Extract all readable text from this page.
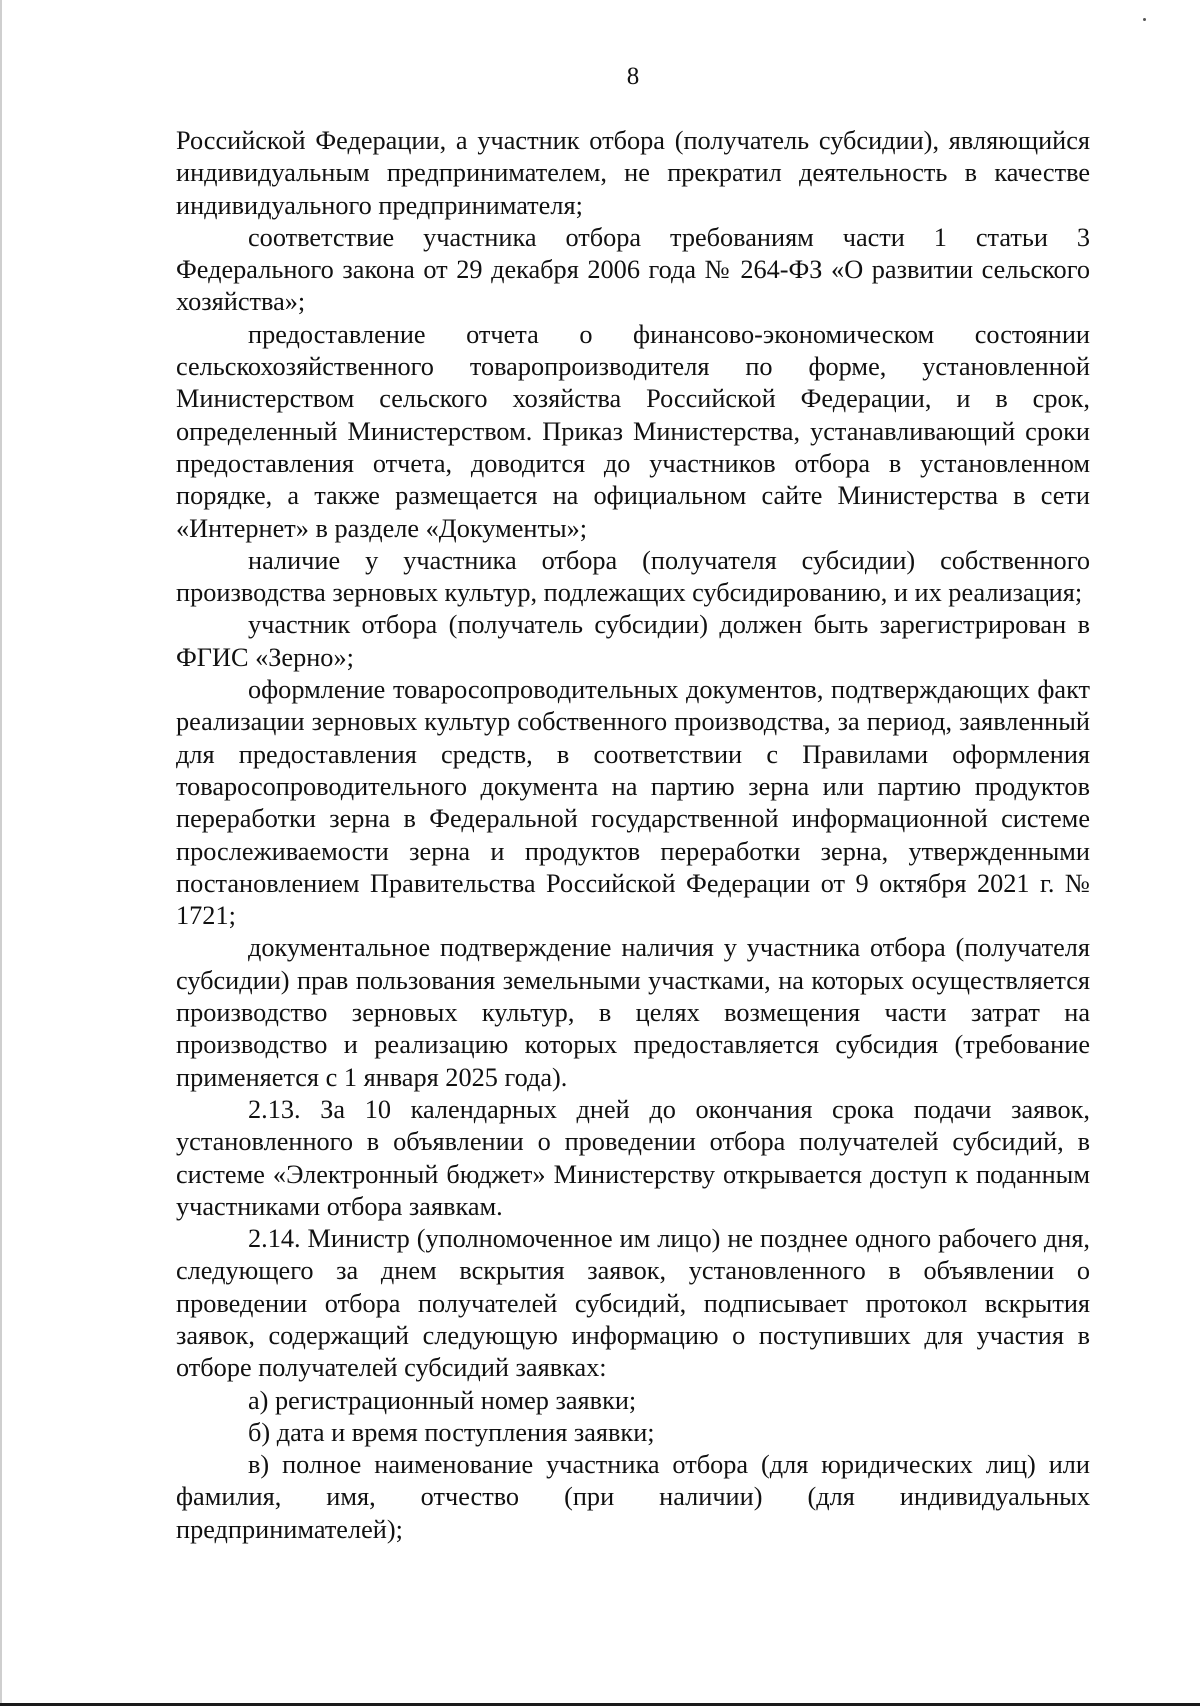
8

Российской Федерации, а участник отбора (получатель субсидии), являющийся индивидуальным предпринимателем, не прекратил деятельность в качестве индивидуального предпринимателя;

соответствие участника отбора требованиям части 1 статьи 3 Федерального закона от 29 декабря 2006 года № 264-ФЗ «О развитии сельского хозяйства»;

предоставление отчета о финансово-экономическом состоянии сельскохозяйственного товаропроизводителя по форме, установленной Министерством сельского хозяйства Российской Федерации, и в срок, определенный Министерством. Приказ Министерства, устанавливающий сроки предоставления отчета, доводится до участников отбора в установленном порядке, а также размещается на официальном сайте Министерства в сети «Интернет» в разделе «Документы»;

наличие у участника отбора (получателя субсидии) собственного производства зерновых культур, подлежащих субсидированию, и их реализация;

участник отбора (получатель субсидии) должен быть зарегистрирован в ФГИС «Зерно»;

оформление товаросопроводительных документов, подтверждающих факт реализации зерновых культур собственного производства, за период, заявленный для предоставления средств, в соответствии с Правилами оформления товаросопроводительного документа на партию зерна или партию продуктов переработки зерна в Федеральной государственной информационной системе прослеживаемости зерна и продуктов переработки зерна, утвержденными постановлением Правительства Российской Федерации от 9 октября 2021 г. № 1721;

документальное подтверждение наличия у участника отбора (получателя субсидии) прав пользования земельными участками, на которых осуществляется производство зерновых культур, в целях возмещения части затрат на производство и реализацию которых предоставляется субсидия (требование применяется с 1 января 2025 года).

2.13. За 10 календарных дней до окончания срока подачи заявок, установленного в объявлении о проведении отбора получателей субсидий, в системе «Электронный бюджет» Министерству открывается доступ к поданным участниками отбора заявкам.

2.14. Министр (уполномоченное им лицо) не позднее одного рабочего дня, следующего за днем вскрытия заявок, установленного в объявлении о проведении отбора получателей субсидий, подписывает протокол вскрытия заявок, содержащий следующую информацию о поступивших для участия в отборе получателей субсидий заявках:

а) регистрационный номер заявки;

б) дата и время поступления заявки;

в) полное наименование участника отбора (для юридических лиц) или фамилия, имя, отчество (при наличии) (для индивидуальных предпринимателей);
